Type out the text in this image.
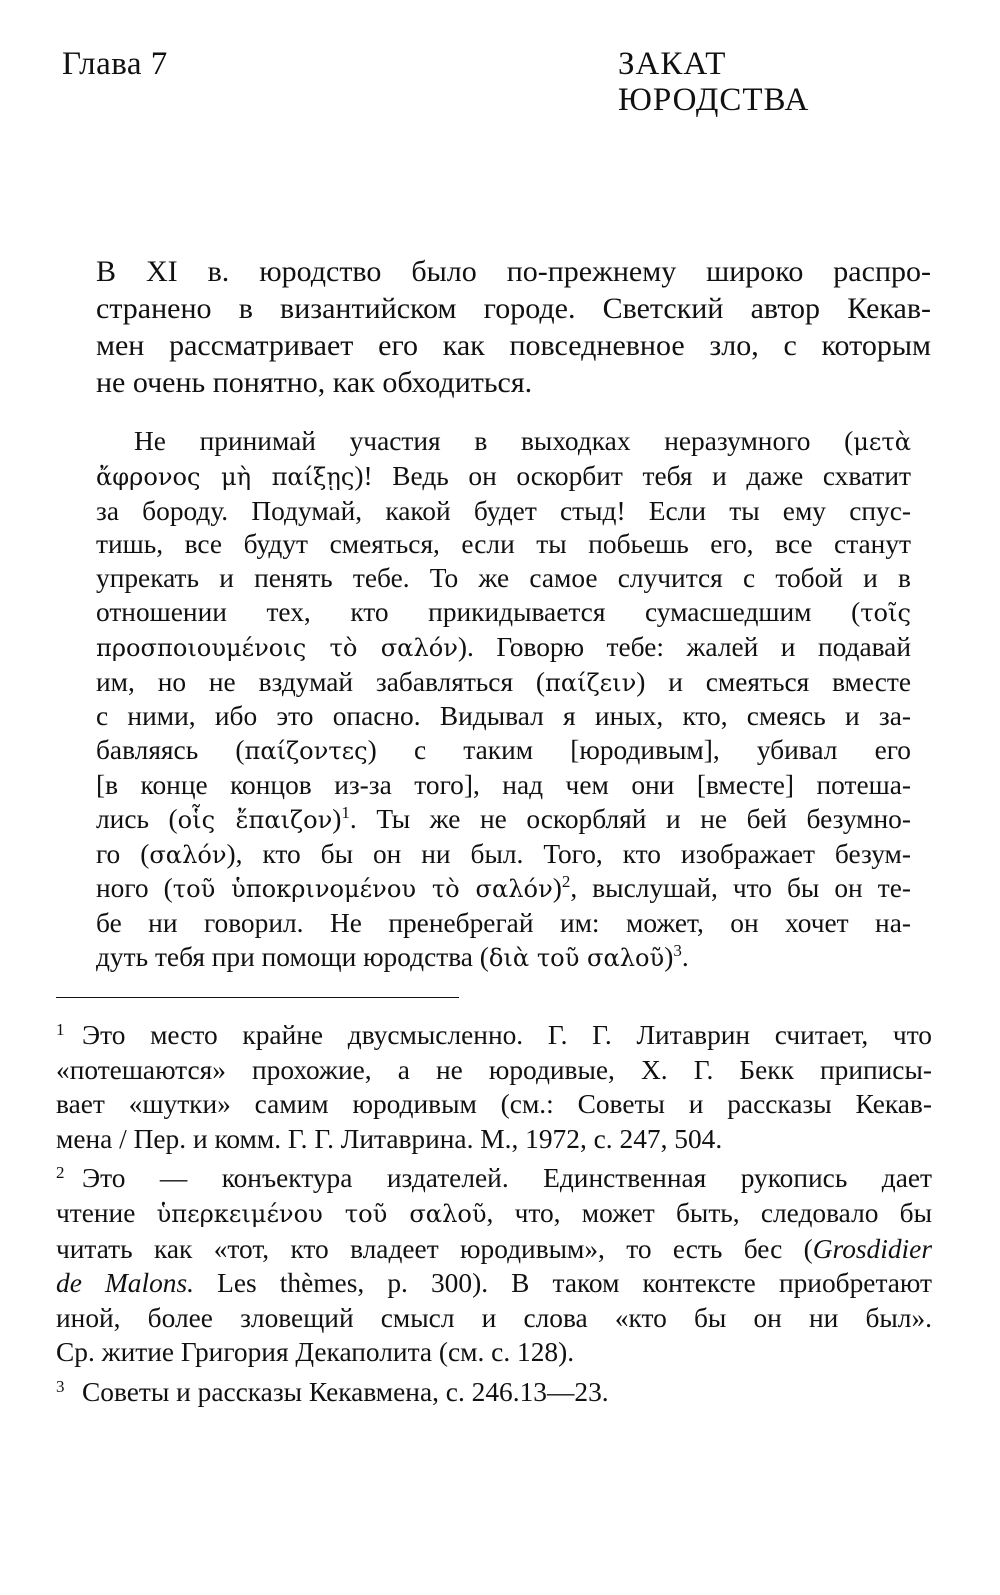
Глава 7	ЗАКАТ
ЮРОДСТВА
В XI в. юродство было по-прежнему широко распро-
странено в византийском городе. Светский автор Кекав-
мен рассматривает его как повседневное зло, с которым
не очень понятно, как обходиться.
Не принимай участия в выходках неразумного (μετὰ
ἄφρονος μὴ παίξῃς)! Ведь он оскорбит тебя и даже схватит
за бороду. Подумай, какой будет стыд! Если ты ему спус-
тишь, все будут смеяться, если ты побьешь его, все станут
упрекать и пенять тебе. То же самое случится с тобой и в
отношении тех, кто прикидывается сумасшедшим (τοῖς
προσποιουμένοις τὸ σαλόν). Говорю тебе: жалей и подавай
им, но не вздумай забавляться (παίζειν) и смеяться вместе
с ними, ибо это опасно. Видывал я иных, кто, смеясь и за-
бавляясь (παίζοντες) с таким [юродивым], убивал его
[в конце концов из-за того], над чем они [вместе] потеша-
лись (οἷς ἔπαιζον)$^1$. Ты же не оскорбляй и не бей безумно-
го (σαλόν), кто бы он ни был. Того, кто изображает безум-
ного (τοῦ ὑποκρινομένου τὸ σαλόν)$^2$, выслушай, что бы он те-
бе ни говорил. Не пренебрегай им: может, он хочет на-
дуть тебя при помощи юродства (διὰ τοῦ σαλοῦ)$^3$.
1 Это место крайне двусмысленно. Г. Г. Литаврин считает, что
«потешаются» прохожие, а не юродивые, Х. Г. Бекк приписы-
вает «шутки» самим юродивым (см.: Советы и рассказы Кекав-
мена / Пер. и комм. Г. Г. Литаврина. М., 1972, с. 247, 504.
2 Это — конъектура издателей. Единственная рукопись дает
чтение ὑπερκειμένου τοῦ σαλοῦ, что, может быть, следовало бы
читать как «тот, кто владеет юродивым», то есть бес (Grosdidier
de Malons. Les thèmes, p. 300). В таком контексте приобретают
иной, более зловещий смысл и слова «кто бы он ни был».
Ср. житие Григория Декаполита (см. с. 128).
3 Советы и рассказы Кекавмена, с. 246.13—23.
